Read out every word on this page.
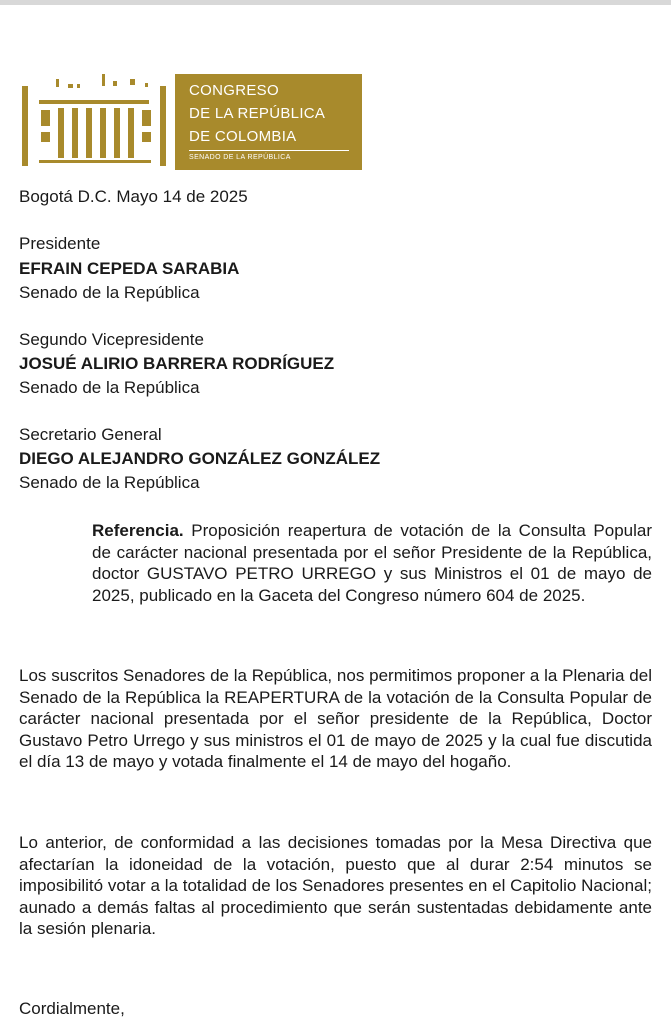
CONGRESO
DE LA REPÚBLICA
DE COLOMBIA
SENADO DE LA REPÚBLICA
Bogotá D.C. Mayo 14 de 2025
Presidente
EFRAIN CEPEDA SARABIA
Senado de la República
Segundo Vicepresidente
JOSUÉ ALIRIO BARRERA RODRÍGUEZ
Senado de la República
Secretario General
DIEGO ALEJANDRO GONZÁLEZ GONZÁLEZ
Senado de la República
Referencia. Proposición reapertura de votación de la Consulta Popular de carácter nacional presentada por el señor Presidente de la República, doctor GUSTAVO PETRO URREGO y sus Ministros el 01 de mayo de 2025, publicado en la Gaceta del Congreso número 604 de 2025.
Los suscritos Senadores de la República, nos permitimos proponer a la Plenaria del Senado de la República la REAPERTURA de la votación de la Consulta Popular de carácter nacional presentada por el señor presidente de la República, Doctor Gustavo Petro Urrego y sus ministros el 01 de mayo de 2025 y la cual fue discutida el día 13 de mayo y votada finalmente el 14 de mayo del hogaño.
Lo anterior, de conformidad a las decisiones tomadas por la Mesa Directiva que afectarían la idoneidad de la votación, puesto que al durar 2:54 minutos se imposibilitó votar a la totalidad de los Senadores presentes en el Capitolio Nacional; aunado a demás faltas al procedimiento que serán sustentadas debidamente ante la sesión plenaria.
Cordialmente,
